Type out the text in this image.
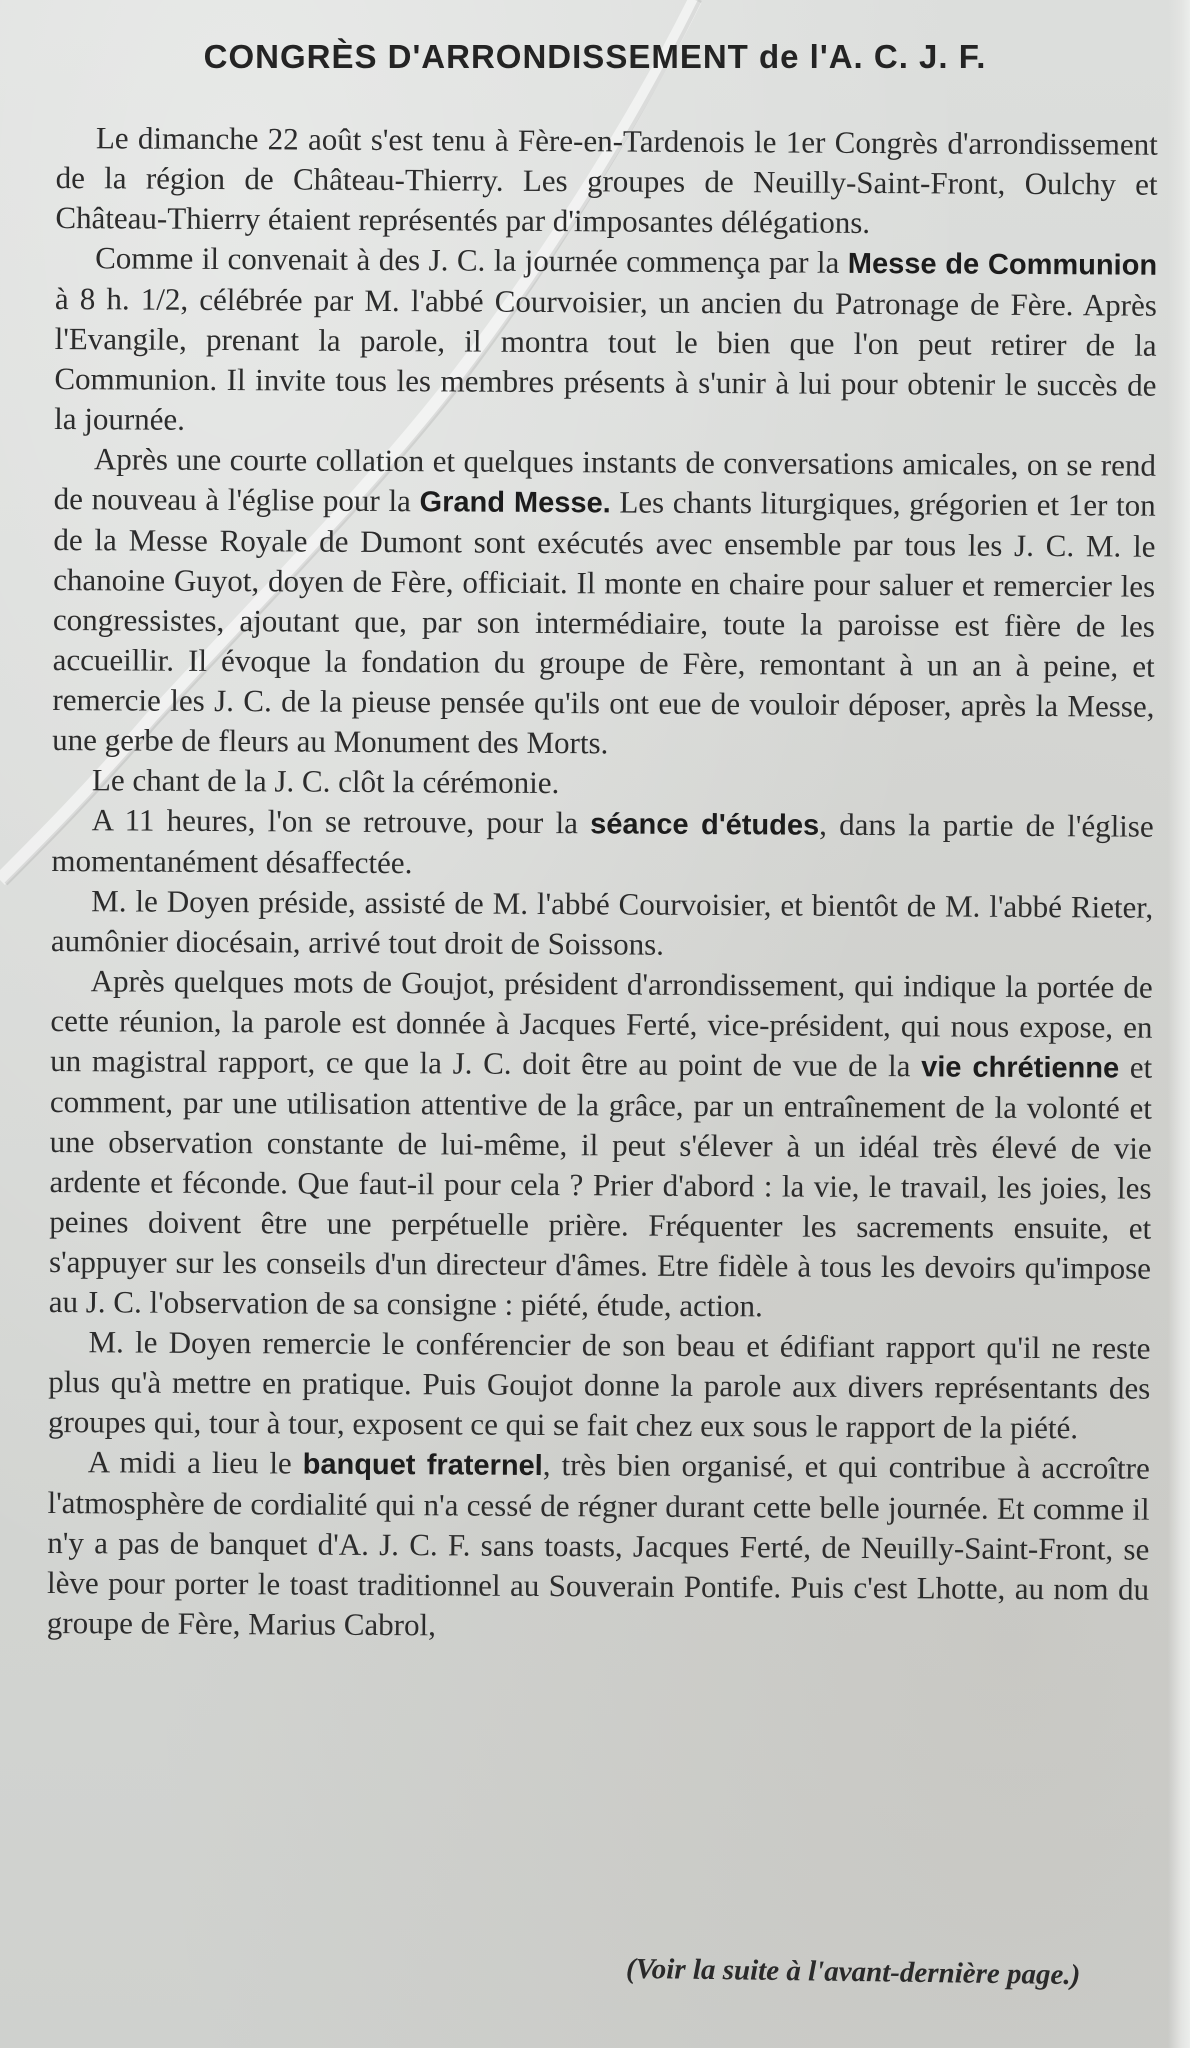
CONGRÈS D'ARRONDISSEMENT de l'A. C. J. F.

Le dimanche 22 août s'est tenu à Fère-en-Tardenois le 1er Congrès d'arrondissement de la région de Château-Thierry. Les groupes de Neuilly-Saint-Front, Oulchy et Château-Thierry étaient représentés par d'imposantes délégations.

Comme il convenait à des J. C. la journée commença par la Messe de Communion à 8 h. 1/2, célébrée par M. l'abbé Courvoisier, un ancien du Patronage de Fère. Après l'Evangile, prenant la parole, il montra tout le bien que l'on peut retirer de la Communion. Il invite tous les membres présents à s'unir à lui pour obtenir le succès de la journée.

Après une courte collation et quelques instants de conversations amicales, on se rend de nouveau à l'église pour la Grand Messe. Les chants liturgiques, grégorien et 1er ton de la Messe Royale de Dumont sont exécutés avec ensemble par tous les J. C. M. le chanoine Guyot, doyen de Fère, officiait. Il monte en chaire pour saluer et remercier les congressistes, ajoutant que, par son intermédiaire, toute la paroisse est fière de les accueillir. Il évoque la fondation du groupe de Fère, remontant à un an à peine, et remercie les J. C. de la pieuse pensée qu'ils ont eue de vouloir déposer, après la Messe, une gerbe de fleurs au Monument des Morts.

Le chant de la J. C. clôt la cérémonie.

A 11 heures, l'on se retrouve, pour la séance d'études, dans la partie de l'église momentanément désaffectée.

M. le Doyen préside, assisté de M. l'abbé Courvoisier, et bientôt de M. l'abbé Rieter, aumônier diocésain, arrivé tout droit de Soissons.

Après quelques mots de Goujot, président d'arrondissement, qui indique la portée de cette réunion, la parole est donnée à Jacques Ferté, vice-président, qui nous expose, en un magistral rapport, ce que la J. C. doit être au point de vue de la vie chrétienne et comment, par une utilisation attentive de la grâce, par un entraînement de la volonté et une observation constante de lui-même, il peut s'élever à un idéal très élevé de vie ardente et féconde. Que faut-il pour cela ? Prier d'abord : la vie, le travail, les joies, les peines doivent être une perpétuelle prière. Fréquenter les sacrements ensuite, et s'appuyer sur les conseils d'un directeur d'âmes. Etre fidèle à tous les devoirs qu'impose au J. C. l'observation de sa consigne : piété, étude, action.

M. le Doyen remercie le conférencier de son beau et édifiant rapport qu'il ne reste plus qu'à mettre en pratique. Puis Goujot donne la parole aux divers représentants des groupes qui, tour à tour, exposent ce qui se fait chez eux sous le rapport de la piété.

A midi a lieu le banquet fraternel, très bien organisé, et qui contribue à accroître l'atmosphère de cordialité qui n'a cessé de régner durant cette belle journée. Et comme il n'y a pas de banquet d'A. J. C. F. sans toasts, Jacques Ferté, de Neuilly-Saint-Front, se lève pour porter le toast traditionnel au Souverain Pontife. Puis c'est Lhotte, au nom du groupe de Fère, Marius Cabrol,

(Voir la suite à l'avant-dernière page.)
